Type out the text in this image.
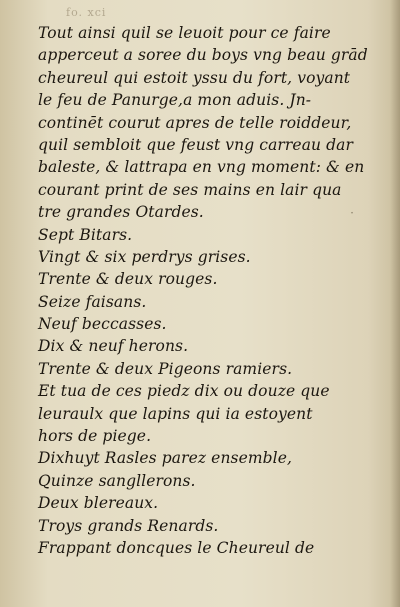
fo. xci
Tout ainsi quil se leuoit pour ce faire
apperceut a soree du boys vng beau grād
cheureul qui estoit yssu du fort, voyant
le feu de Panurge,a mon aduis. Jn-
continēt courut apres de telle roiddeur,
quil sembloit que feust vng carreau dar
baleste, & lattrapa en vng moment: & en
courant print de ses mains en lair qua
tre grandes Otardes.
Sept Bitars.
Vingt & six perdrys grises.
Trente & deux rouges.
Seize faisans.
Neuf beccasses.
Dix & neuf herons.
Trente & deux Pigeons ramiers.
Et tua de ces piedz dix ou douze que
leuraulx que lapins qui ia estoyent
hors de piege.
Dixhuyt Rasles parez ensemble,
Quinze sangllerons.
Deux blereaux.
Troys grands Renards.
Frappant doncques le Cheureul de
·
